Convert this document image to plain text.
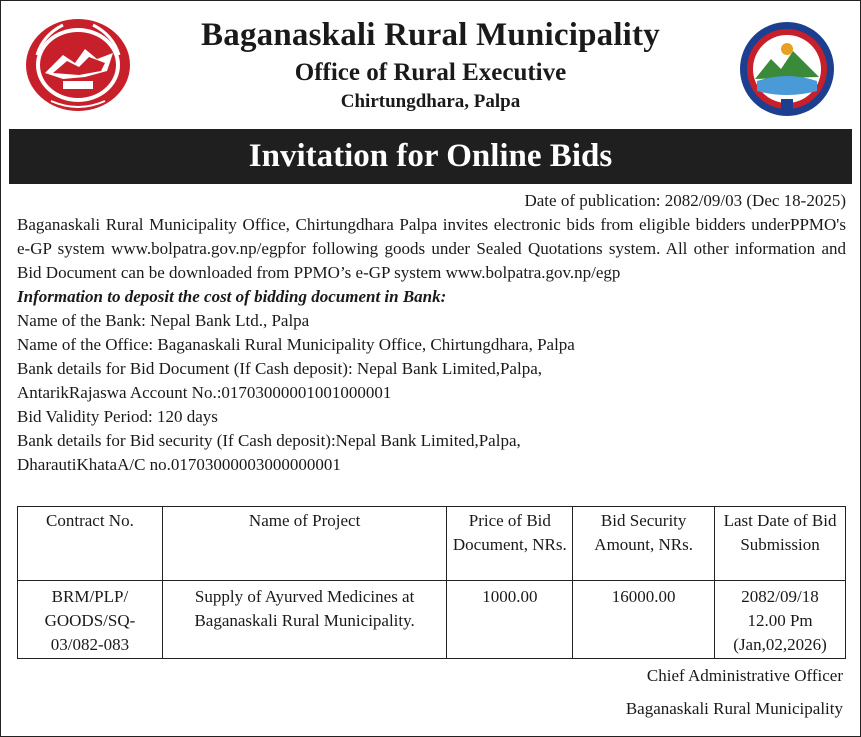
Baganaskali Rural Municipality
Office of Rural Executive
Chirtungdhara, Palpa
Invitation for Online Bids
Date of publication: 2082/09/03 (Dec 18-2025)
Baganaskali Rural Municipality Office, Chirtungdhara Palpa invites electronic bids from eligible bidders underPPMO's e-GP system www.bolpatra.gov.np/egpfor following goods under Sealed Quotations system. All other information and Bid Document can be downloaded from PPMO’s e-GP system www.bolpatra.gov.np/egp
Information to deposit the cost of bidding document in Bank:
Name of the Bank: Nepal Bank Ltd., Palpa
Name of the Office: Baganaskali Rural Municipality Office, Chirtungdhara, Palpa
Bank details for Bid Document (If Cash deposit): Nepal Bank Limited,Palpa,
AntarikRajaswa Account No.:01703000001001000001
Bid Validity Period: 120 days
Bank details for Bid security (If Cash deposit):Nepal Bank Limited,Palpa,
DharautiKhataA/C no.01703000003000000001
Contract No.	Name of Project	Price of Bid Document, NRs.	Bid Security Amount, NRs.	Last Date of Bid Submission
BRM/PLP/ GOODS/SQ-03/082-083	Supply of Ayurved Medicines at Baganaskali Rural Municipality.	1000.00	16000.00	2082/09/18
12.00 Pm
(Jan,02,2026)
Chief Administrative Officer
Baganaskali Rural Municipality
